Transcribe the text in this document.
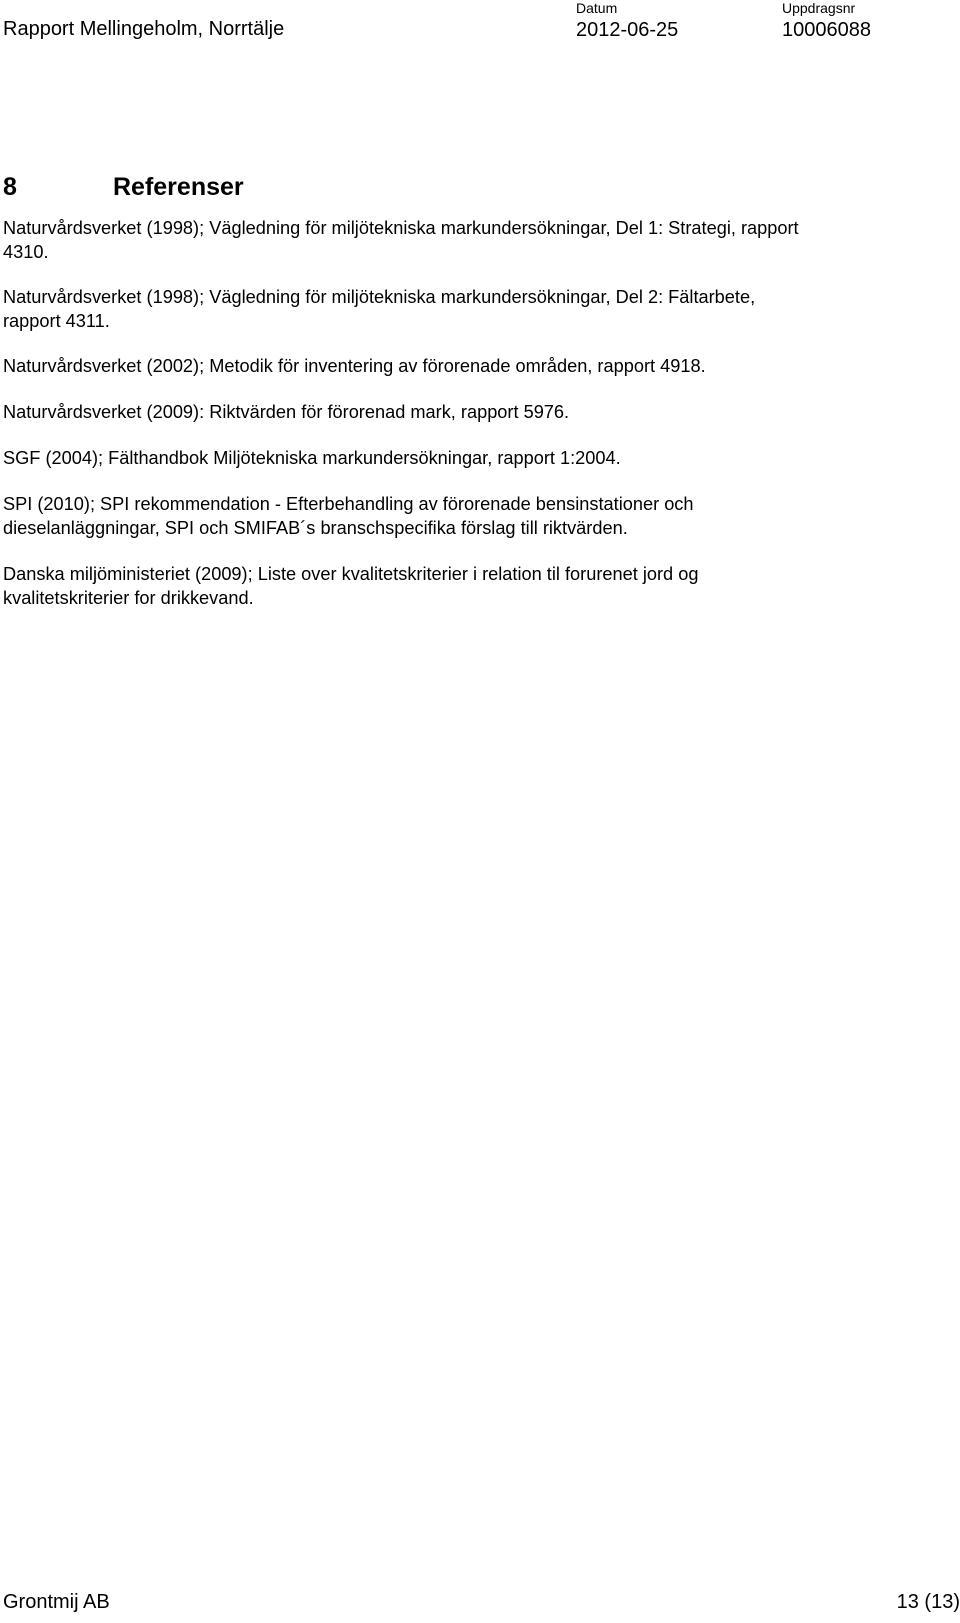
Rapport Mellingeholm, Norrtälje
Datum
2012-06-25
Uppdragsnr
10006088
8	Referenser
Naturvårdsverket (1998); Vägledning för miljötekniska markundersökningar, Del 1: Strategi, rapport 4310.
Naturvårdsverket (1998); Vägledning för miljötekniska markundersökningar, Del 2: Fältarbete, rapport 4311.
Naturvårdsverket (2002); Metodik för inventering av förorenade områden, rapport 4918.
Naturvårdsverket (2009): Riktvärden för förorenad mark, rapport 5976.
SGF (2004); Fälthandbok Miljötekniska markundersökningar, rapport 1:2004.
SPI (2010); SPI rekommendation - Efterbehandling av förorenade bensinstationer och dieselanläggningar, SPI och SMIFAB´s branschspecifika förslag till riktvärden.
Danska miljöministeriet (2009); Liste over kvalitetskriterier i relation til forurenet jord og kvalitetskriterier for drikkevand.
Grontmij AB	13 (13)
